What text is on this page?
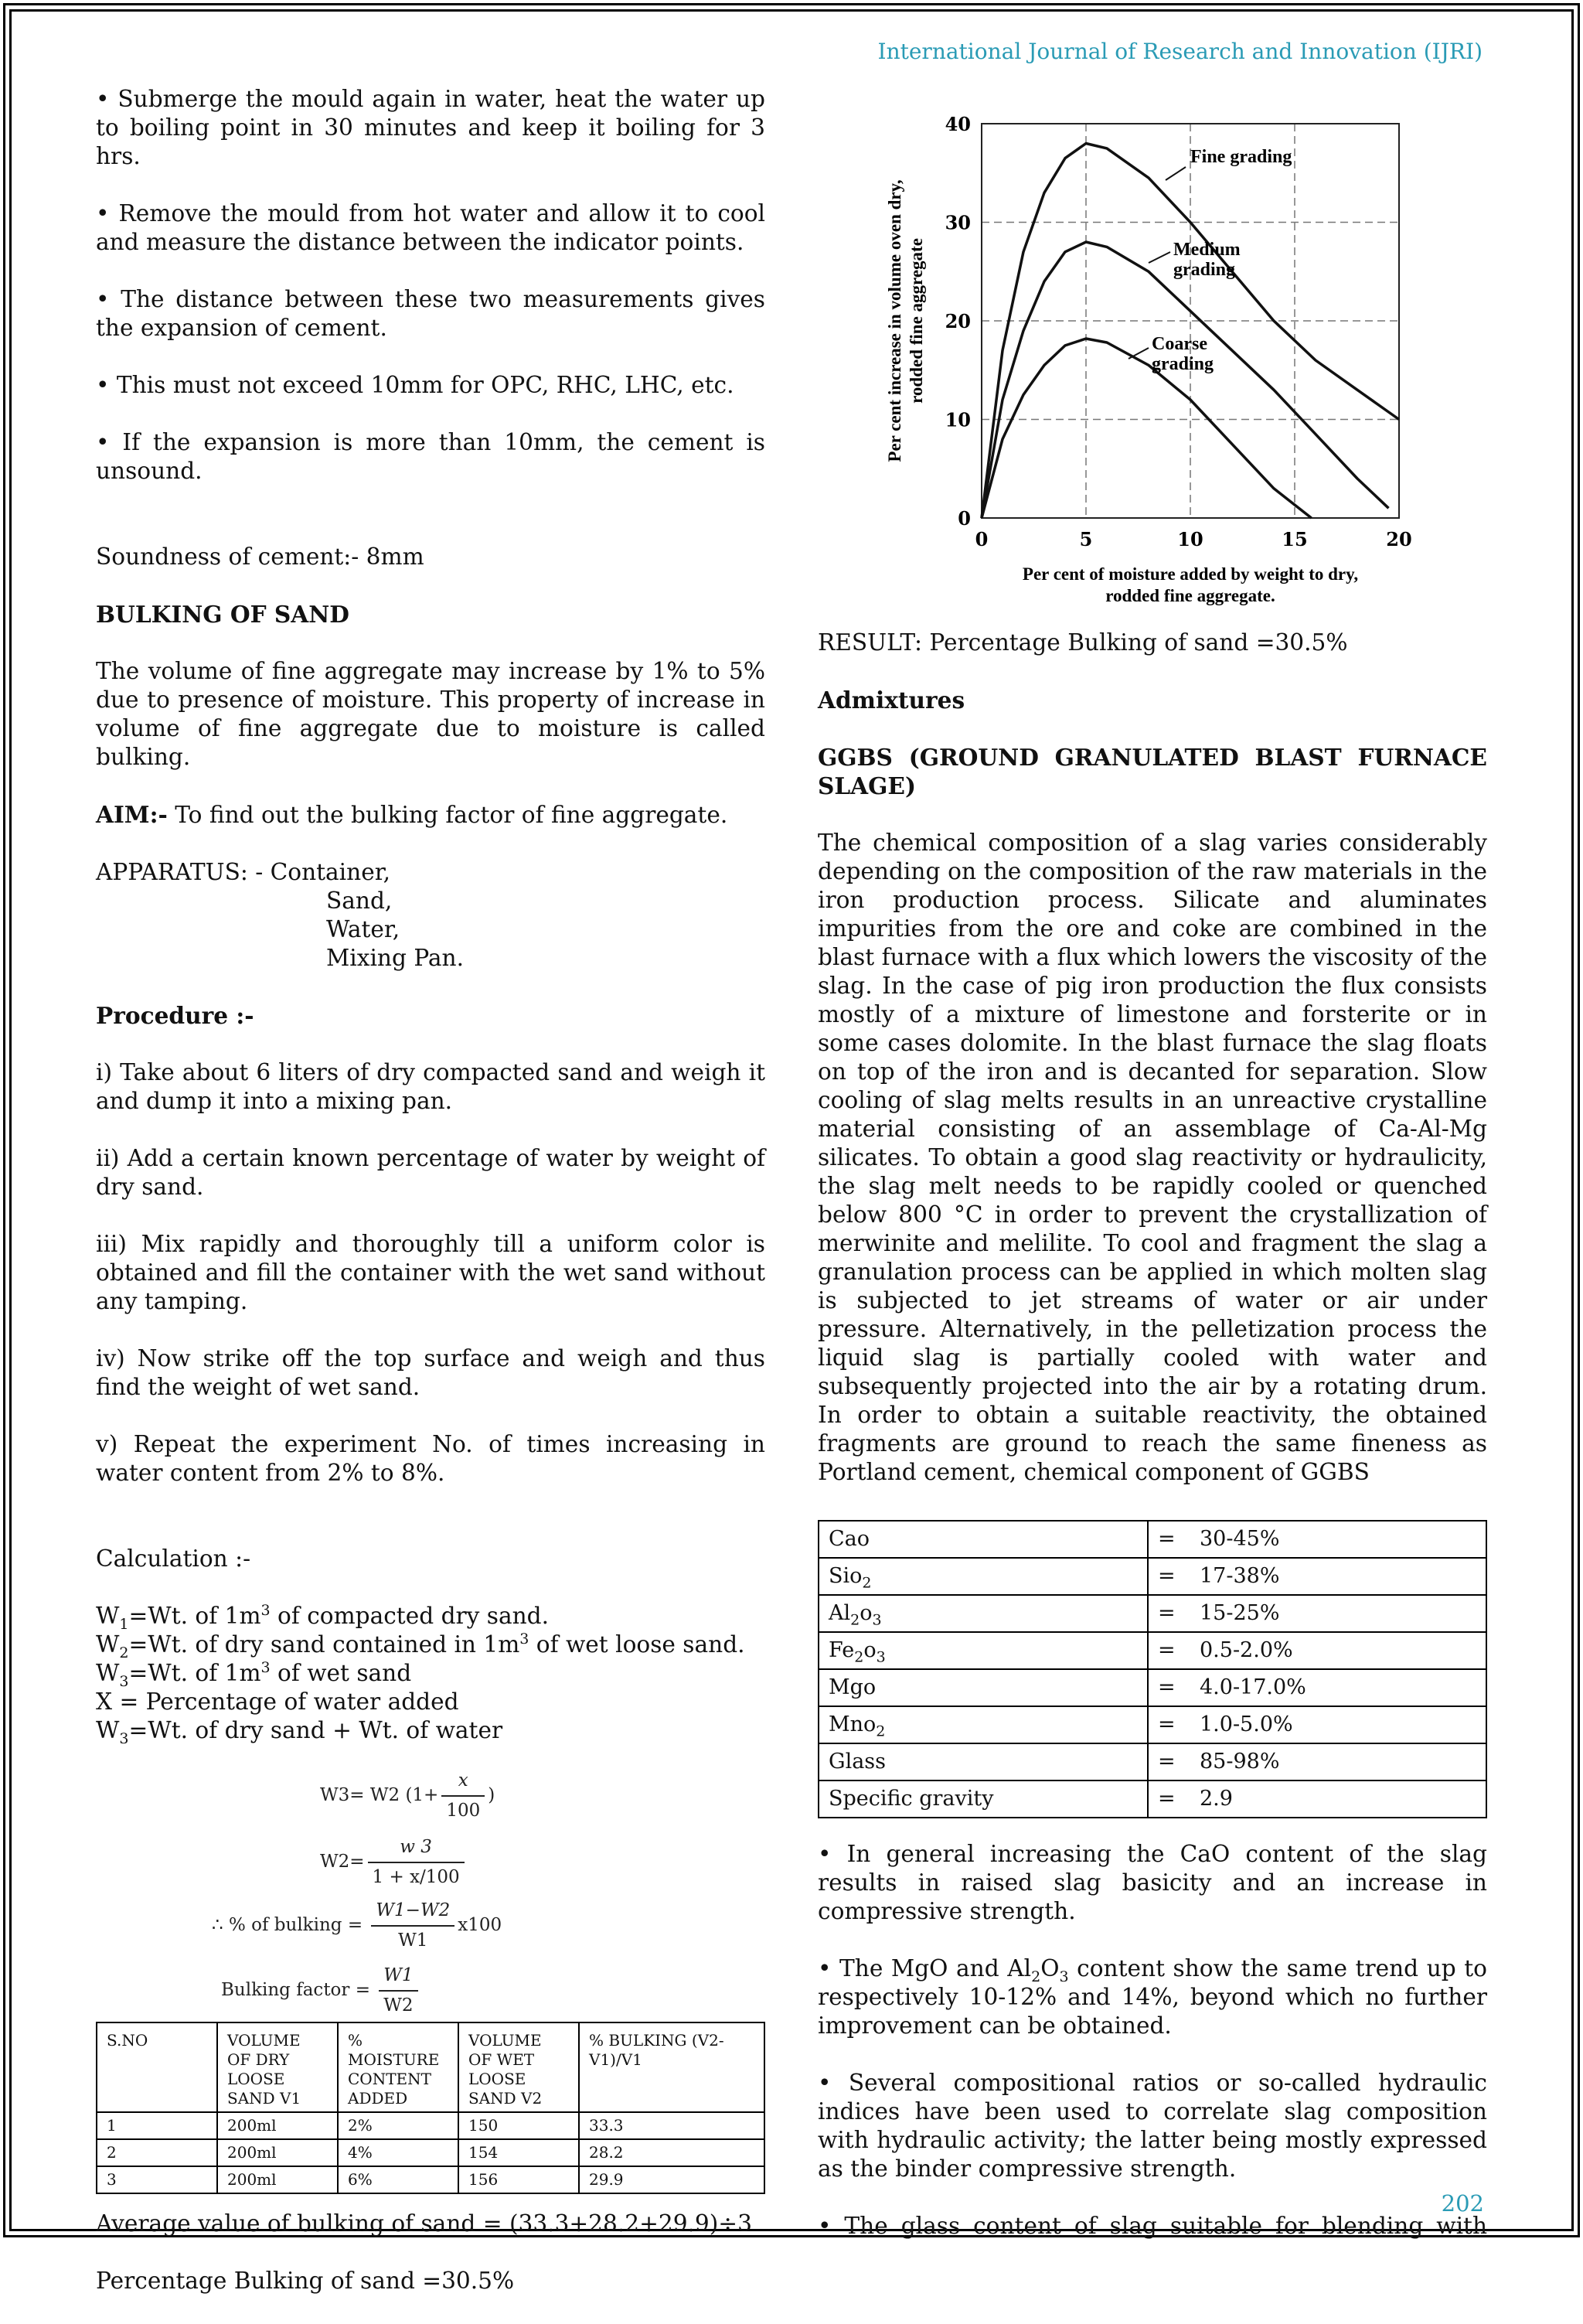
International Journal of Research and Innovation (IJRI)

• Submerge the mould again in water, heat the water up to boiling point in 30 minutes and keep it boiling for 3 hrs.

• Remove the mould from hot water and allow it to cool and measure the distance between the indicator points.

• The distance between these two measurements gives the expansion of cement.

• This must not exceed 10mm for OPC, RHC, LHC, etc.

• If the expansion is more than 10mm, the cement is unsound.

Soundness of cement:- 8mm

BULKING OF SAND

The volume of fine aggregate may increase by 1% to 5% due to presence of moisture. This property of increase in volume of fine aggregate due to moisture is called bulking.

AIM:- To find out the bulking factor of fine aggregate.

APPARATUS: - Container,
Sand,
Water,
Mixing Pan.
Procedure :-

i) Take about 6 liters of dry compacted sand and weigh it and dump it into a mixing pan.

ii) Add a certain known percentage of water by weight of dry sand.

iii) Mix rapidly and thoroughly till a uniform color is obtained and fill the container with the wet sand without any tamping.

iv) Now strike off the top surface and weigh and thus find the weight of wet sand.

v) Repeat the experiment No. of times increasing in water content from 2% to 8%.

Calculation :-

$W_1=Wt$. of $1m^3$ of compacted dry sand.
$W_2=Wt$. of dry sand contained in $1m^3$ of wet loose sand.
$W_3=Wt$. of $1m^3$ of wet sand
X = Percentage of water added
$W_3=Wt$. of dry sand + Wt. of water
W3= W2 ($1+ \frac{x}{100}$ )
$W2= \frac{w 3}{1 + x/100}$
∴ % of bulking = $\frac{W1-W2}{W1} x100$
Bulking factor = $\frac{W1}{W2}$
S.NO	VOLUME OF DRY LOOSE SAND V1	% MOISTURE CONTENT ADDED	VOLUME OF WET LOOSE SAND V2	% BULKING (V2-V1)/V1
1	200ml	2%	150	33.3
2	200ml	4%	154	28.2
3	200ml	6%	156	29.9

Average value of bulking of sand = (33.3+28.2+29.9)÷3

Percentage Bulking of sand =30.5%

0
10
20
30
40
0	5	10	15	20
Fine grading
Medium
grading
Coarse
grading
Per cent increase in volume oven dry, rodded fine aggregate
Per cent of moisture added by weight to dry, rodded fine aggregate.

RESULT: Percentage Bulking of sand =30.5%

Admixtures
GGBS (GROUND GRANULATED BLAST FURNACE SLAGE)

The chemical composition of a slag varies considerably depending on the composition of the raw materials in the iron production process. Silicate and aluminates impurities from the ore and coke are combined in the blast furnace with a flux which lowers the viscosity of the slag. In the case of pig iron production the flux consists mostly of a mixture of limestone and forsterite or in some cases dolomite. In the blast furnace the slag floats on top of the iron and is decanted for separation. Slow cooling of slag melts results in an unreactive crystalline material consisting of an assemblage of Ca-Al-Mg silicates. To obtain a good slag reactivity or hydraulicity, the slag melt needs to be rapidly cooled or quenched below 800 °C in order to prevent the crystallization of merwinite and melilite. To cool and fragment the slag a granulation process can be applied in which molten slag is subjected to jet streams of water or air under pressure. Alternatively, in the pelletization process the liquid slag is partially cooled with water and subsequently projected into the air by a rotating drum. In order to obtain a suitable reactivity, the obtained fragments are ground to reach the same fineness as Portland cement, chemical component of GGBS

Cao	=	30-45%
Sio$_2$	=	17-38%
$Al_2o_3$	=	15-25%
$Fe_2o_3$	=	0.5-2.0%
Mgo	=	4.0-17.0%
Mno$_2$	=	1.0-5.0%
Glass	=	85-98%
Specific gravity	=	2.9

• In general increasing the CaO content of the slag results in raised slag basicity and an increase in compressive strength.

• The MgO and $Al_2O_3$ content show the same trend up to respectively 10-12% and 14%, beyond which no further improvement can be obtained.

• Several compositional ratios or so-called hydraulic indices have been used to correlate slag composition with hydraulic activity; the latter being mostly expressed as the binder compressive strength.

• The glass content of slag suitable for blending with

202
